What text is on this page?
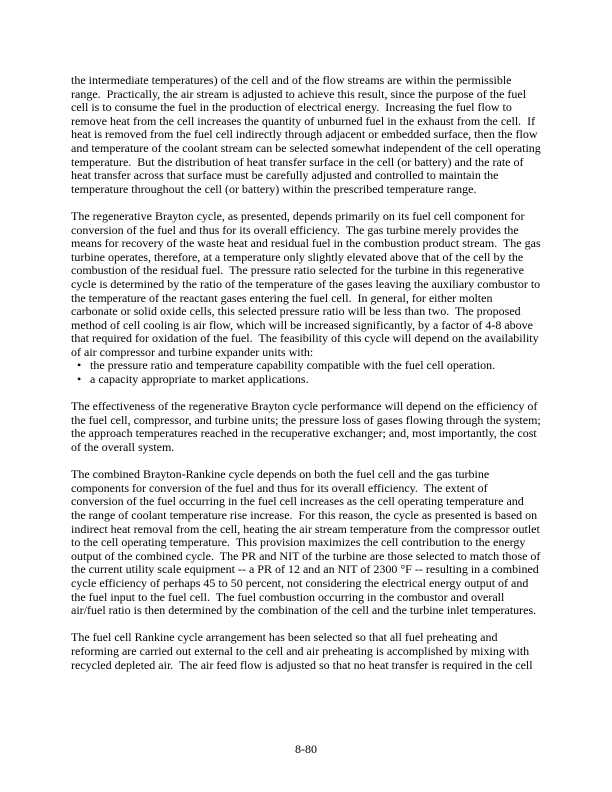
the intermediate temperatures) of the cell and of the flow streams are within the permissible range.  Practically, the air stream is adjusted to achieve this result, since the purpose of the fuel cell is to consume the fuel in the production of electrical energy.  Increasing the fuel flow to remove heat from the cell increases the quantity of unburned fuel in the exhaust from the cell.  If heat is removed from the fuel cell indirectly through adjacent or embedded surface, then the flow and temperature of the coolant stream can be selected somewhat independent of the cell operating temperature.  But the distribution of heat transfer surface in the cell (or battery) and the rate of heat transfer across that surface must be carefully adjusted and controlled to maintain the temperature throughout the cell (or battery) within the prescribed temperature range.

The regenerative Brayton cycle, as presented, depends primarily on its fuel cell component for conversion of the fuel and thus for its overall efficiency.  The gas turbine merely provides the means for recovery of the waste heat and residual fuel in the combustion product stream.  The gas turbine operates, therefore, at a temperature only slightly elevated above that of the cell by the combustion of the residual fuel.  The pressure ratio selected for the turbine in this regenerative cycle is determined by the ratio of the temperature of the gases leaving the auxiliary combustor to the temperature of the reactant gases entering the fuel cell.  In general, for either molten carbonate or solid oxide cells, this selected pressure ratio will be less than two.  The proposed method of cell cooling is air flow, which will be increased significantly, by a factor of 4-8 above that required for oxidation of the fuel.  The feasibility of this cycle will depend on the availability of air compressor and turbine expander units with:

• the pressure ratio and temperature capability compatible with the fuel cell operation.
• a capacity appropriate to market applications.

The effectiveness of the regenerative Brayton cycle performance will depend on the efficiency of the fuel cell, compressor, and turbine units; the pressure loss of gases flowing through the system; the approach temperatures reached in the recuperative exchanger; and, most importantly, the cost of the overall system.

The combined Brayton-Rankine cycle depends on both the fuel cell and the gas turbine components for conversion of the fuel and thus for its overall efficiency.  The extent of conversion of the fuel occurring in the fuel cell increases as the cell operating temperature and the range of coolant temperature rise increase.  For this reason, the cycle as presented is based on indirect heat removal from the cell, heating the air stream temperature from the compressor outlet to the cell operating temperature.  This provision maximizes the cell contribution to the energy output of the combined cycle.  The PR and NIT of the turbine are those selected to match those of the current utility scale equipment -- a PR of 12 and an NIT of 2300 °F -- resulting in a combined cycle efficiency of perhaps 45 to 50 percent, not considering the electrical energy output of and the fuel input to the fuel cell.  The fuel combustion occurring in the combustor and overall air/fuel ratio is then determined by the combination of the cell and the turbine inlet temperatures.

The fuel cell Rankine cycle arrangement has been selected so that all fuel preheating and reforming are carried out external to the cell and air preheating is accomplished by mixing with recycled depleted air.  The air feed flow is adjusted so that no heat transfer is required in the cell

8-80
